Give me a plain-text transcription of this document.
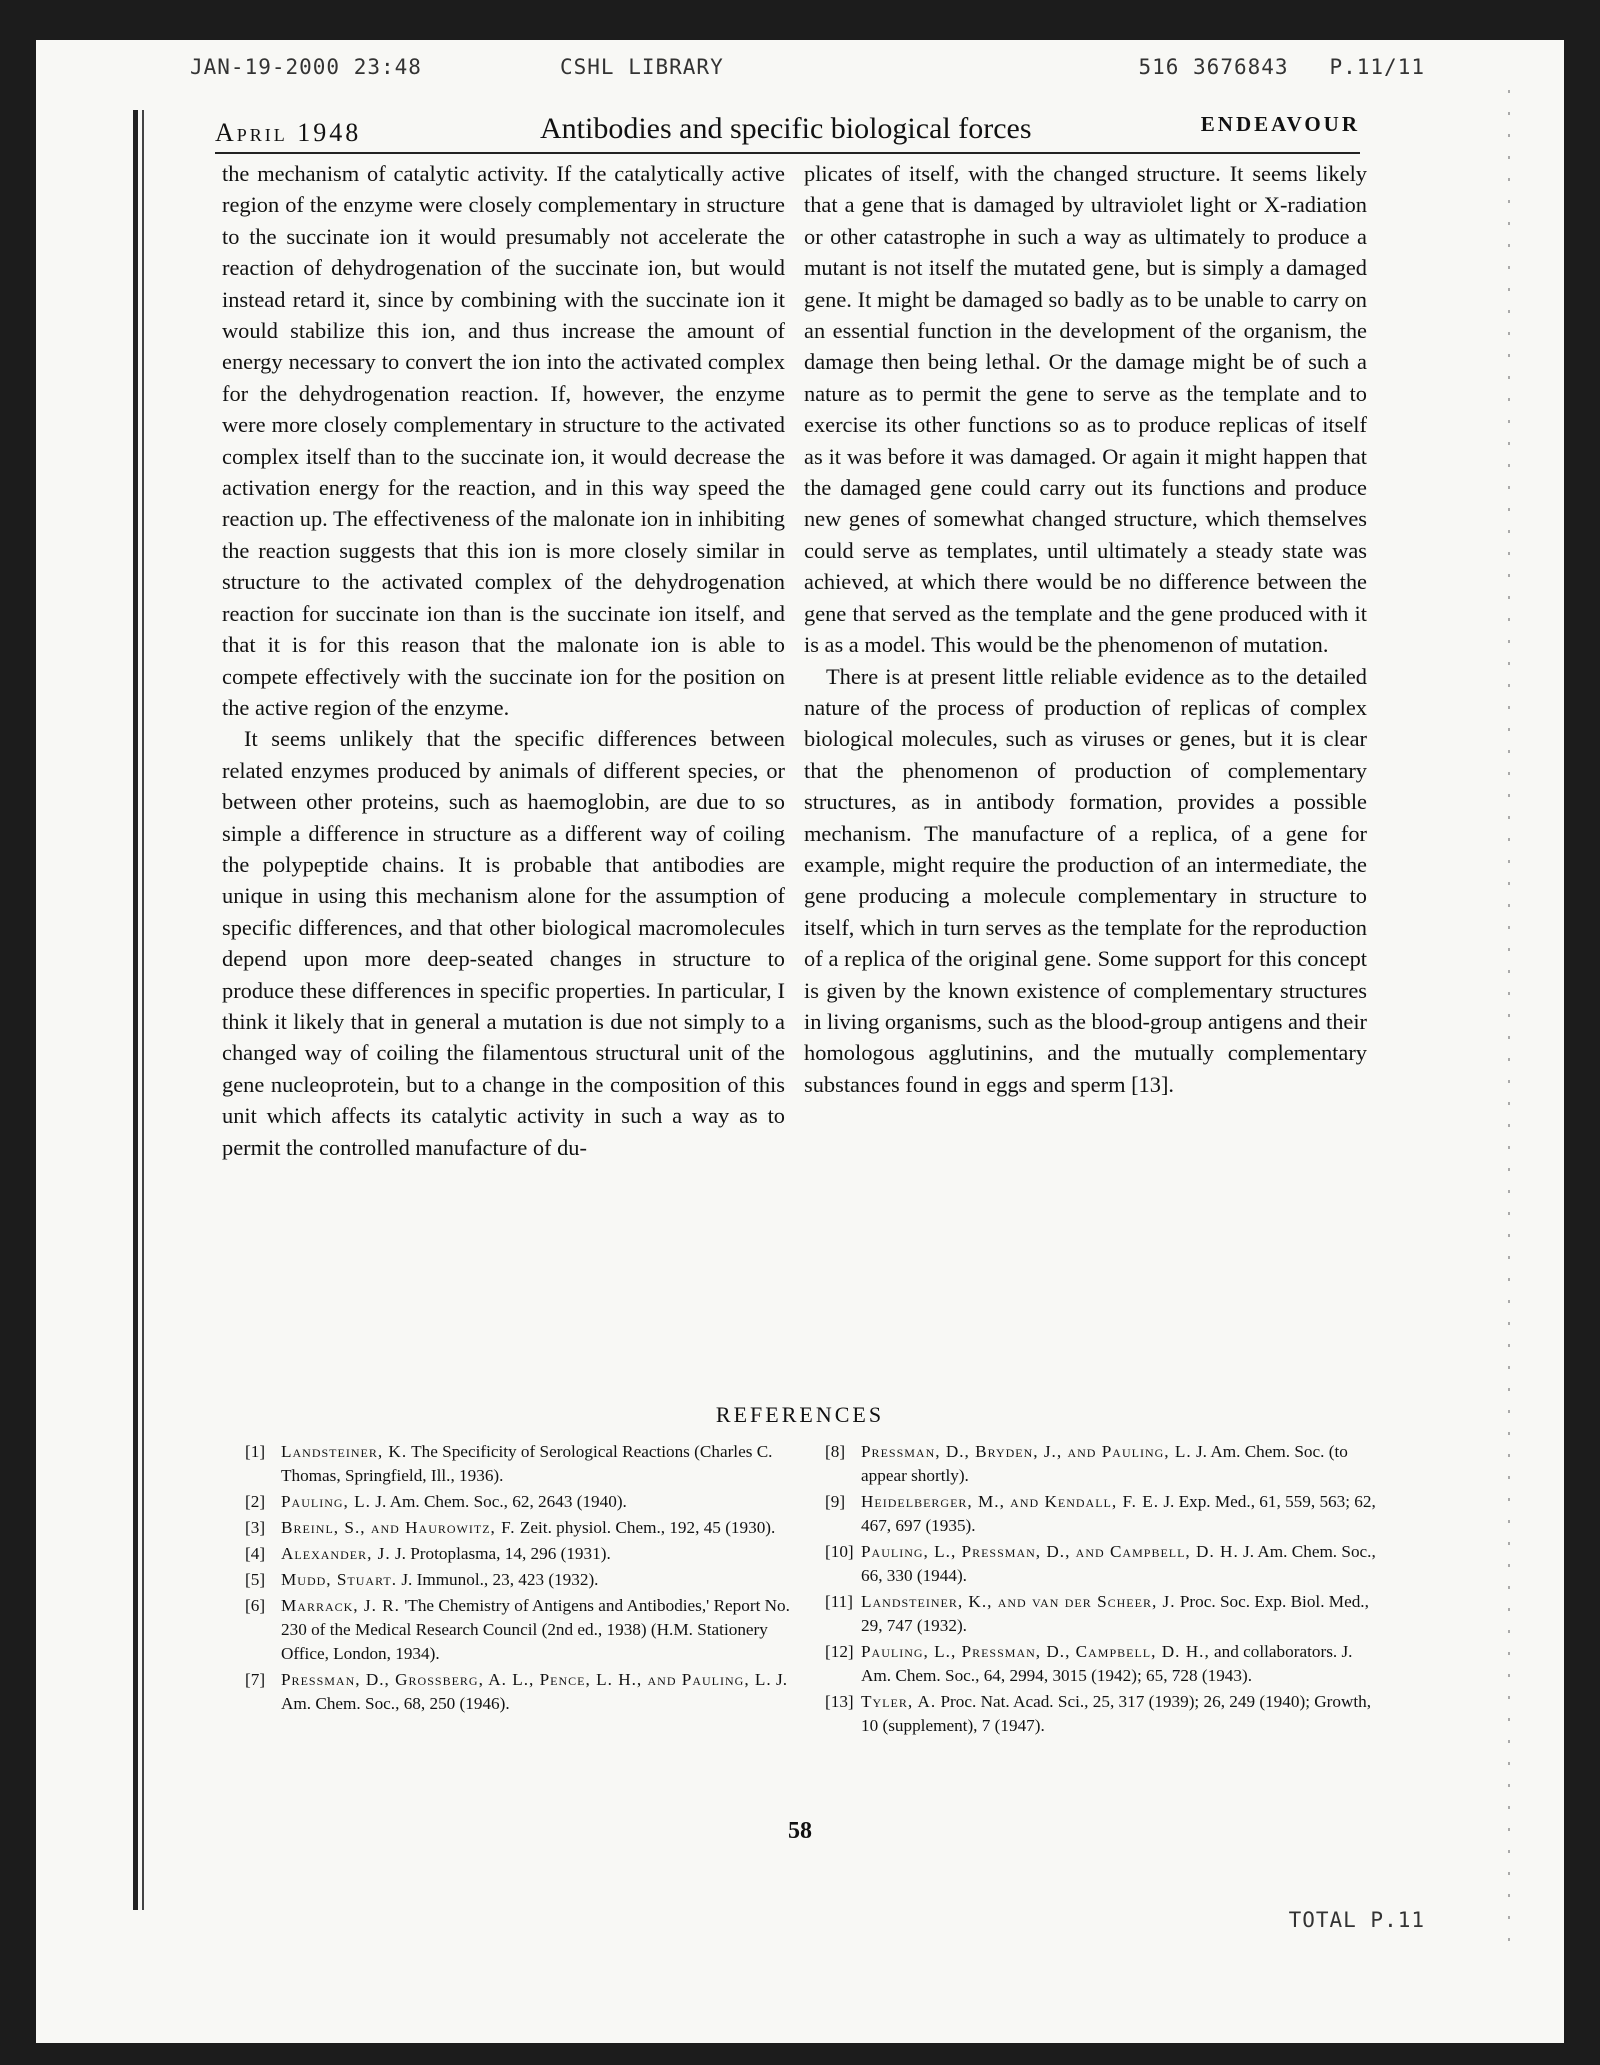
JAN-19-2000 23:48	CSHL LIBRARY	516 3676843 P.11/11
April 1948	Antibodies and specific biological forces	ENDEAVOUR

the mechanism of catalytic activity. If the catalytically active region of the enzyme were closely complementary in structure to the succinate ion it would presumably not accelerate the reaction of dehydrogenation of the succinate ion, but would instead retard it, since by combining with the succinate ion it would stabilize this ion, and thus increase the amount of energy necessary to convert the ion into the activated complex for the dehydrogenation reaction. If, however, the enzyme were more closely complementary in structure to the activated complex itself than to the succinate ion, it would decrease the activation energy for the reaction, and in this way speed the reaction up. The effectiveness of the malonate ion in inhibiting the reaction suggests that this ion is more closely similar in structure to the activated complex of the dehydrogenation reaction for succinate ion than is the succinate ion itself, and that it is for this reason that the malonate ion is able to compete effectively with the succinate ion for the position on the active region of the enzyme.

It seems unlikely that the specific differences between related enzymes produced by animals of different species, or between other proteins, such as haemoglobin, are due to so simple a difference in structure as a different way of coiling the polypeptide chains. It is probable that antibodies are unique in using this mechanism alone for the assumption of specific differences, and that other biological macromolecules depend upon more deep-seated changes in structure to produce these differences in specific properties. In particular, I think it likely that in general a mutation is due not simply to a changed way of coiling the filamentous structural unit of the gene nucleoprotein, but to a change in the composition of this unit which affects its catalytic activity in such a way as to permit the controlled manufacture of du-

plicates of itself, with the changed structure. It seems likely that a gene that is damaged by ultraviolet light or X-radiation or other catastrophe in such a way as ultimately to produce a mutant is not itself the mutated gene, but is simply a damaged gene. It might be damaged so badly as to be unable to carry on an essential function in the development of the organism, the damage then being lethal. Or the damage might be of such a nature as to permit the gene to serve as the template and to exercise its other functions so as to produce replicas of itself as it was before it was damaged. Or again it might happen that the damaged gene could carry out its functions and produce new genes of somewhat changed structure, which themselves could serve as templates, until ultimately a steady state was achieved, at which there would be no difference between the gene that served as the template and the gene produced with it is as a model. This would be the phenomenon of mutation.

There is at present little reliable evidence as to the detailed nature of the process of production of replicas of complex biological molecules, such as viruses or genes, but it is clear that the phenomenon of production of complementary structures, as in antibody formation, provides a possible mechanism. The manufacture of a replica, of a gene for example, might require the production of an intermediate, the gene producing a molecule complementary in structure to itself, which in turn serves as the template for the reproduction of a replica of the original gene. Some support for this concept is given by the known existence of complementary structures in living organisms, such as the blood-group antigens and their homologous agglutinins, and the mutually complementary substances found in eggs and sperm [13].

REFERENCES
[1] Landsteiner, K. The Specificity of Serological Reactions (Charles C. Thomas, Springfield, Ill., 1936).
[2] Pauling, L. J. Am. Chem. Soc., 62, 2643 (1940).
[3] Breinl, S., and Haurowitz, F. Zeit. physiol. Chem., 192, 45 (1930).
[4] Alexander, J. J. Protoplasma, 14, 296 (1931).
[5] Mudd, Stuart. J. Immunol., 23, 423 (1932).
[6] Marrack, J. R. 'The Chemistry of Antigens and Antibodies,' Report No. 230 of the Medical Research Council (2nd ed., 1938) (H.M. Stationery Office, London, 1934).
[7] Pressman, D., Grossberg, A. L., Pence, L. H., and Pauling, L. J. Am. Chem. Soc., 68, 250 (1946).
[8] Pressman, D., Bryden, J., and Pauling, L. J. Am. Chem. Soc. (to appear shortly).
[9] Heidelberger, M., and Kendall, F. E. J. Exp. Med., 61, 559, 563; 62, 467, 697 (1935).
[10] Pauling, L., Pressman, D., and Campbell, D. H. J. Am. Chem. Soc., 66, 330 (1944).
[11] Landsteiner, K., and van der Scheer, J. Proc. Soc. Exp. Biol. Med., 29, 747 (1932).
[12] Pauling, L., Pressman, D., Campbell, D. H., and collaborators. J. Am. Chem. Soc., 64, 2994, 3015 (1942); 65, 728 (1943).
[13] Tyler, A. Proc. Nat. Acad. Sci., 25, 317 (1939); 26, 249 (1940); Growth, 10 (supplement), 7 (1947).
58
TOTAL P.11
